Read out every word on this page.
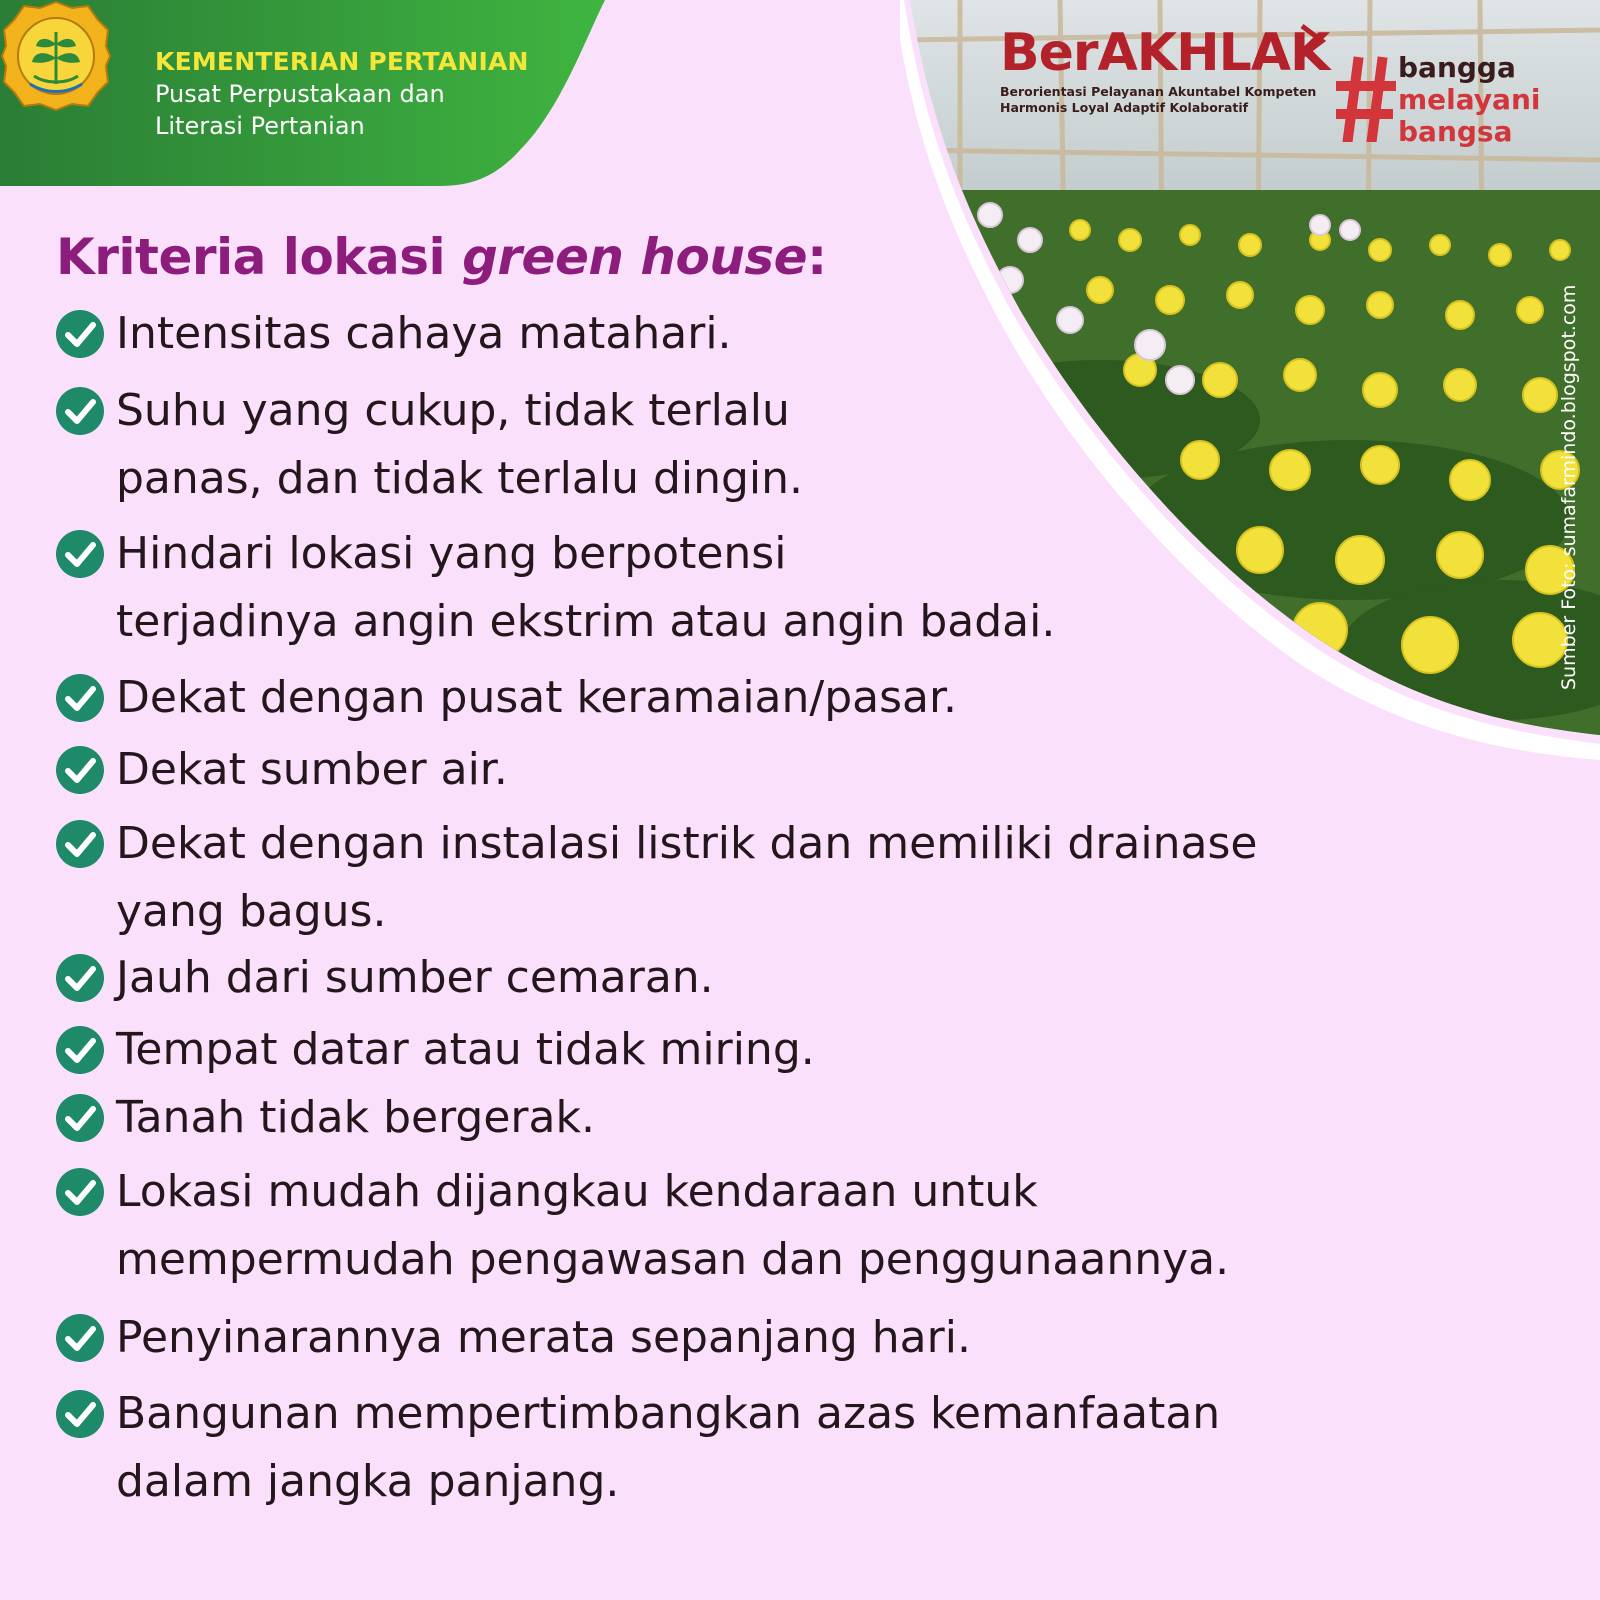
KEMENTERIAN PERTANIAN
Pusat Perpustakaan dan
Literasi Pertanian
BerAKHLAK
Berorientasi Pelayanan Akuntabel Kompeten
Harmonis Loyal Adaptif Kolaboratif
bangga
melayani
bangsa
Sumber Foto: sumafarmindo.blogspot.com
Kriteria lokasi green house:
Intensitas cahaya matahari.
Suhu yang cukup, tidak terlalu
panas, dan tidak terlalu dingin.
Hindari lokasi yang berpotensi
terjadinya angin ekstrim atau angin badai.
Dekat dengan pusat keramaian/pasar.
Dekat sumber air.
Dekat dengan instalasi listrik dan memiliki drainase
yang bagus.
Jauh dari sumber cemaran.
Tempat datar atau tidak miring.
Tanah tidak bergerak.
Lokasi mudah dijangkau kendaraan untuk
mempermudah pengawasan dan penggunaannya.
Penyinarannya merata sepanjang hari.
Bangunan mempertimbangkan azas kemanfaatan
dalam jangka panjang.
